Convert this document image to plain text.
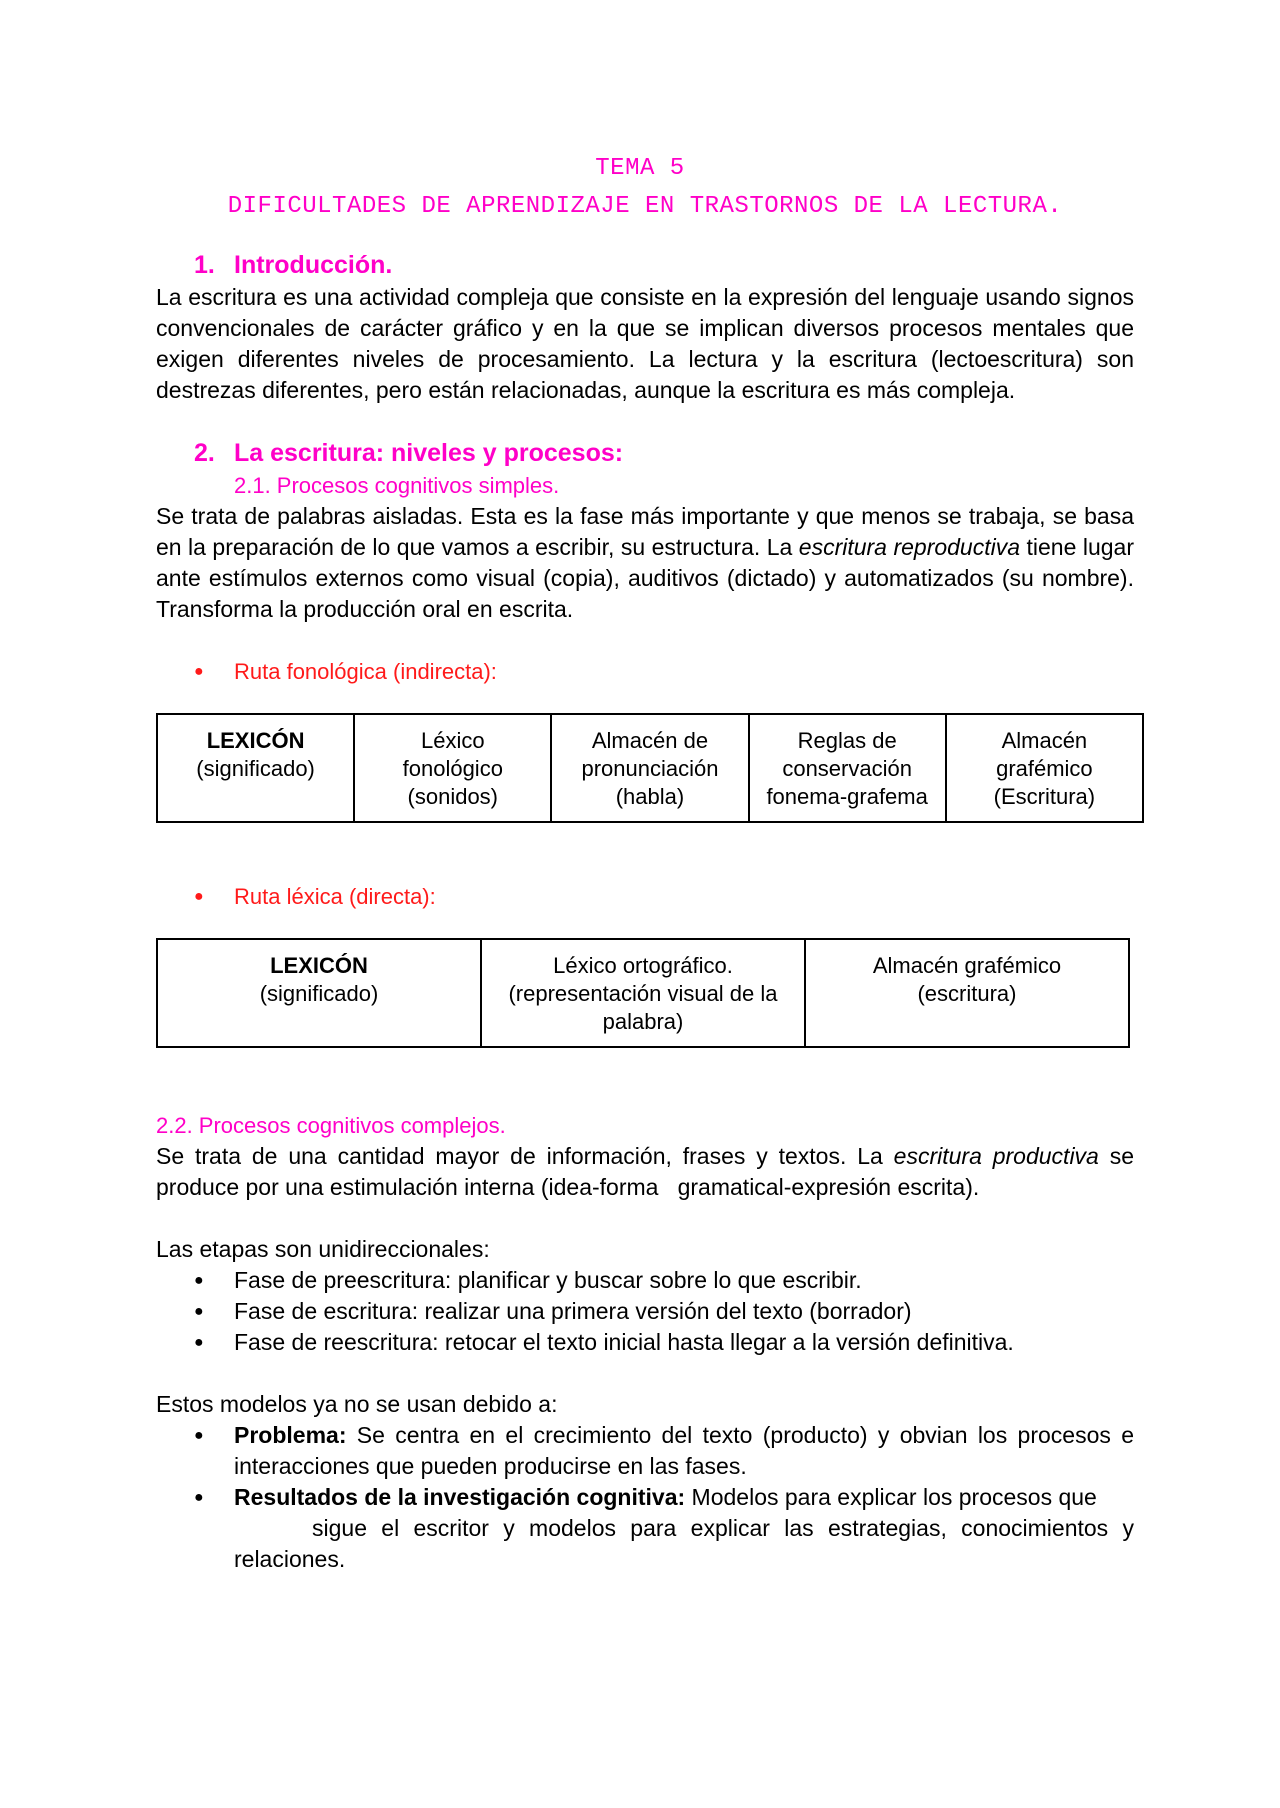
TEMA 5
DIFICULTADES DE APRENDIZAJE EN TRASTORNOS DE LA LECTURA.
1. Introducción.

La escritura es una actividad compleja que consiste en la expresión del lenguaje usando signos convencionales de carácter gráfico y en la que se implican diversos procesos mentales que exigen diferentes niveles de procesamiento. La lectura y la escritura (lectoescritura) son destrezas diferentes, pero están relacionadas, aunque la escritura es más compleja.

2. La escritura: niveles y procesos:
2.1. Procesos cognitivos simples.

Se trata de palabras aisladas. Esta es la fase más importante y que menos se trabaja, se basa en la preparación de lo que vamos a escribir, su estructura. La escritura reproductiva tiene lugar ante estímulos externos como visual (copia), auditivos (dictado) y automatizados (su nombre). Transforma la producción oral en escrita.

●	Ruta fonológica (indirecta):
LEXICÓN
(significado)	Léxico
fonológico
(sonidos)	Almacén de
pronunciación
(habla)	Reglas de
conservación
fonema-grafema	Almacén
grafémico
(Escritura)
●	Ruta léxica (directa):
LEXICÓN
(significado)	Léxico ortográfico.
(representación visual de la
palabra)	Almacén grafémico
(escritura)
2.2. Procesos cognitivos complejos.

Se trata de una cantidad mayor de información, frases y textos. La escritura productiva se produce por una estimulación interna (idea-forma   gramatical-expresión escrita).

Las etapas son unidireccionales:

●	Fase de preescritura: planificar y buscar sobre lo que escribir.
●	Fase de escritura: realizar una primera versión del texto (borrador)
●	Fase de reescritura: retocar el texto inicial hasta llegar a la versión definitiva.

Estos modelos ya no se usan debido a:

●	Problema: Se centra en el crecimiento del texto (producto) y obvian los procesos e interacciones que pueden producirse en las fases.
●	Resultados de la investigación cognitiva: Modelos para explicar los procesos que
sigue el escritor y modelos para explicar las estrategias, conocimientos y relaciones.
